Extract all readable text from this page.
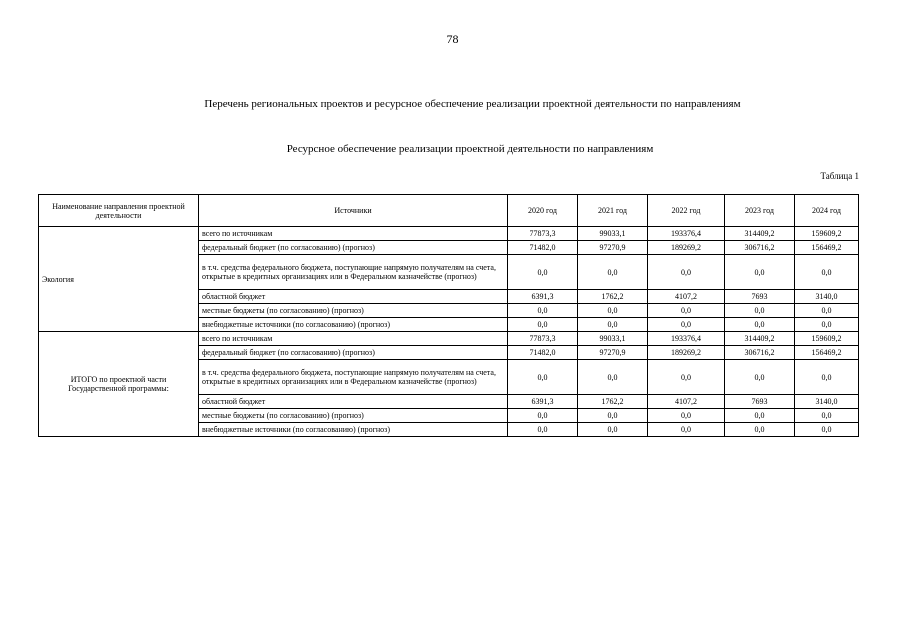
78
Перечень региональных проектов и ресурсное обеспечение реализации проектной деятельности по направлениям
Ресурсное обеспечение реализации проектной деятельности по направлениям
Таблица 1
Наименование направления проектной деятельности	Источники	2020 год	2021 год	2022 год	2023 год	2024 год
Экология	всего по источникам	77873,3	99033,1	193376,4	314409,2	159609,2
	федеральный бюджет (по согласованию) (прогноз)	71482,0	97270,9	189269,2	306716,2	156469,2
	в т.ч. средства федерального бюджета, поступающие напрямую получателям на счета, открытые в кредитных организациях или в Федеральном казначействе (прогноз)	0,0	0,0	0,0	0,0	0,0
	областной бюджет	6391,3	1762,2	4107,2	7693	3140,0
	местные бюджеты (по согласованию) (прогноз)	0,0	0,0	0,0	0,0	0,0
	внебюджетные источники (по согласованию) (прогноз)	0,0	0,0	0,0	0,0	0,0
ИТОГО по проектной части Государственной программы:	всего по источникам	77873,3	99033,1	193376,4	314409,2	159609,2
	федеральный бюджет (по согласованию) (прогноз)	71482,0	97270,9	189269,2	306716,2	156469,2
	в т.ч. средства федерального бюджета, поступающие напрямую получателям на счета, открытые в кредитных организациях или в Федеральном казначействе (прогноз)	0,0	0,0	0,0	0,0	0,0
	областной бюджет	6391,3	1762,2	4107,2	7693	3140,0
	местные бюджеты (по согласованию) (прогноз)	0,0	0,0	0,0	0,0	0,0
	внебюджетные источники (по согласованию) (прогноз)	0,0	0,0	0,0	0,0	0,0
